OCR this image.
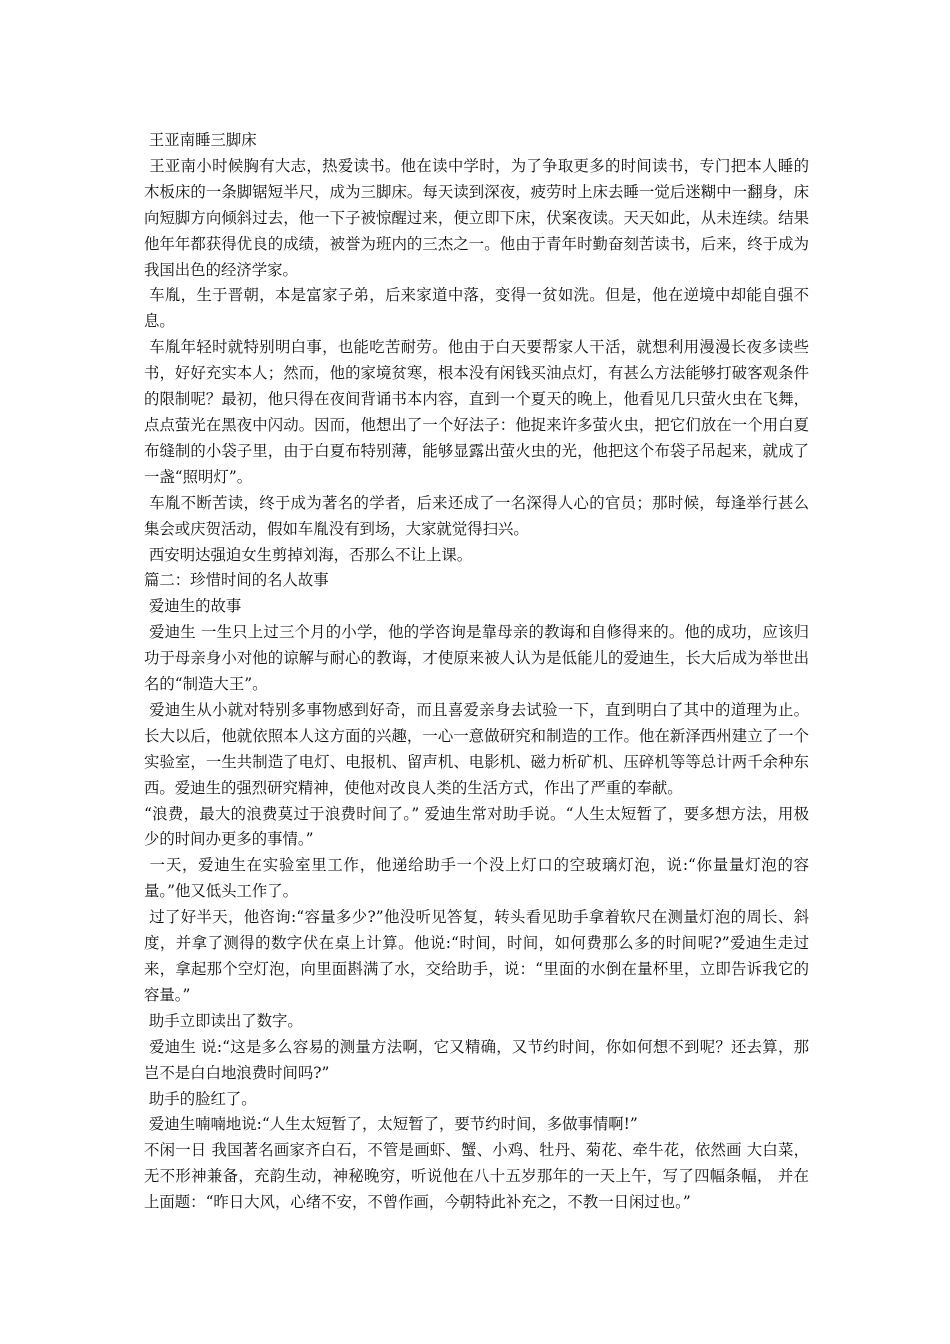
王亚南睡三脚床

王亚南小时候胸有大志，热爱读书。他在读中学时，为了争取更多的时间读书，专门把本人睡的木板床的一条脚锯短半尺，成为三脚床。每天读到深夜，疲劳时上床去睡一觉后迷糊中一翻身，床向短脚方向倾斜过去，他一下子被惊醒过来，便立即下床，伏案夜读。天天如此，从未连续。结果他年年都获得优良的成绩，被誉为班内的三杰之一。他由于青年时勤奋刻苦读书，后来，终于成为我国出色的经济学家。

车胤，生于晋朝，本是富家子弟，后来家道中落，变得一贫如洗。但是，他在逆境中却能自强不息。

车胤年轻时就特别明白事，也能吃苦耐劳。他由于白天要帮家人干活，就想利用漫漫长夜多读些书，好好充实本人；然而，他的家境贫寒，根本没有闲钱买油点灯，有甚么方法能够打破客观条件的限制呢？最初，他只得在夜间背诵书本内容，直到一个夏天的晚上，他看见几只萤火虫在飞舞，点点萤光在黑夜中闪动。因而，他想出了一个好法子：他捉来许多萤火虫，把它们放在一个用白夏布缝制的小袋子里，由于白夏布特别薄，能够显露出萤火虫的光，他把这个布袋子吊起来，就成了一盏“照明灯”。

车胤不断苦读，终于成为著名的学者，后来还成了一名深得人心的官员；那时候，每逢举行甚么集会或庆贺活动，假如车胤没有到场，大家就觉得扫兴。

西安明达强迫女生剪掉刘海，否那么不让上课。

篇二：珍惜时间的名人故事

爱迪生的故事

爱迪生 一生只上过三个月的小学，他的学咨询是靠母亲的教诲和自修得来的。他的成功，应该归功于母亲身小对他的谅解与耐心的教诲，才使原来被人认为是低能儿的爱迪生，长大后成为举世出名的“制造大王”。

爱迪生从小就对特别多事物感到好奇，而且喜爱亲身去试验一下，直到明白了其中的道理为止。长大以后，他就依照本人这方面的兴趣，一心一意做研究和制造的工作。他在新泽西州建立了一个实验室，一生共制造了电灯、电报机、留声机、电影机、磁力析矿机、压碎机等等总计两千余种东西。爱迪生的强烈研究精神，使他对改良人类的生活方式，作出了严重的奉献。

“浪费，最大的浪费莫过于浪费时间了。” 爱迪生常对助手说。“人生太短暂了，要多想方法，用极少的时间办更多的事情。”

一天，爱迪生在实验室里工作，他递给助手一个没上灯口的空玻璃灯泡，说:“你量量灯泡的容量。”他又低头工作了。

过了好半天，他咨询:“容量多少?”他没听见答复，转头看见助手拿着软尺在测量灯泡的周长、斜度，并拿了测得的数字伏在桌上计算。他说:“时间，时间，如何费那么多的时间呢?”爱迪生走过来，拿起那个空灯泡，向里面斟满了水，交给助手，说：“里面的水倒在量杯里，立即告诉我它的容量。”

助手立即读出了数字。

爱迪生 说:“这是多么容易的测量方法啊，它又精确，又节约时间，你如何想不到呢？还去算，那岂不是白白地浪费时间吗?”

助手的脸红了。

爱迪生喃喃地说:“人生太短暂了，太短暂了，要节约时间，多做事情啊!”

不闲一日 我国著名画家齐白石，不管是画虾、蟹、小鸡、牡丹、菊花、牵牛花，依然画 大白菜， 无不形神兼备，充韵生动，神秘晚穷，听说他在八十五岁那年的一天上午，写了四幅条幅， 并在上面题：“昨日大风，心绪不安，不曾作画，今朝特此补充之，不教一日闲过也。”
